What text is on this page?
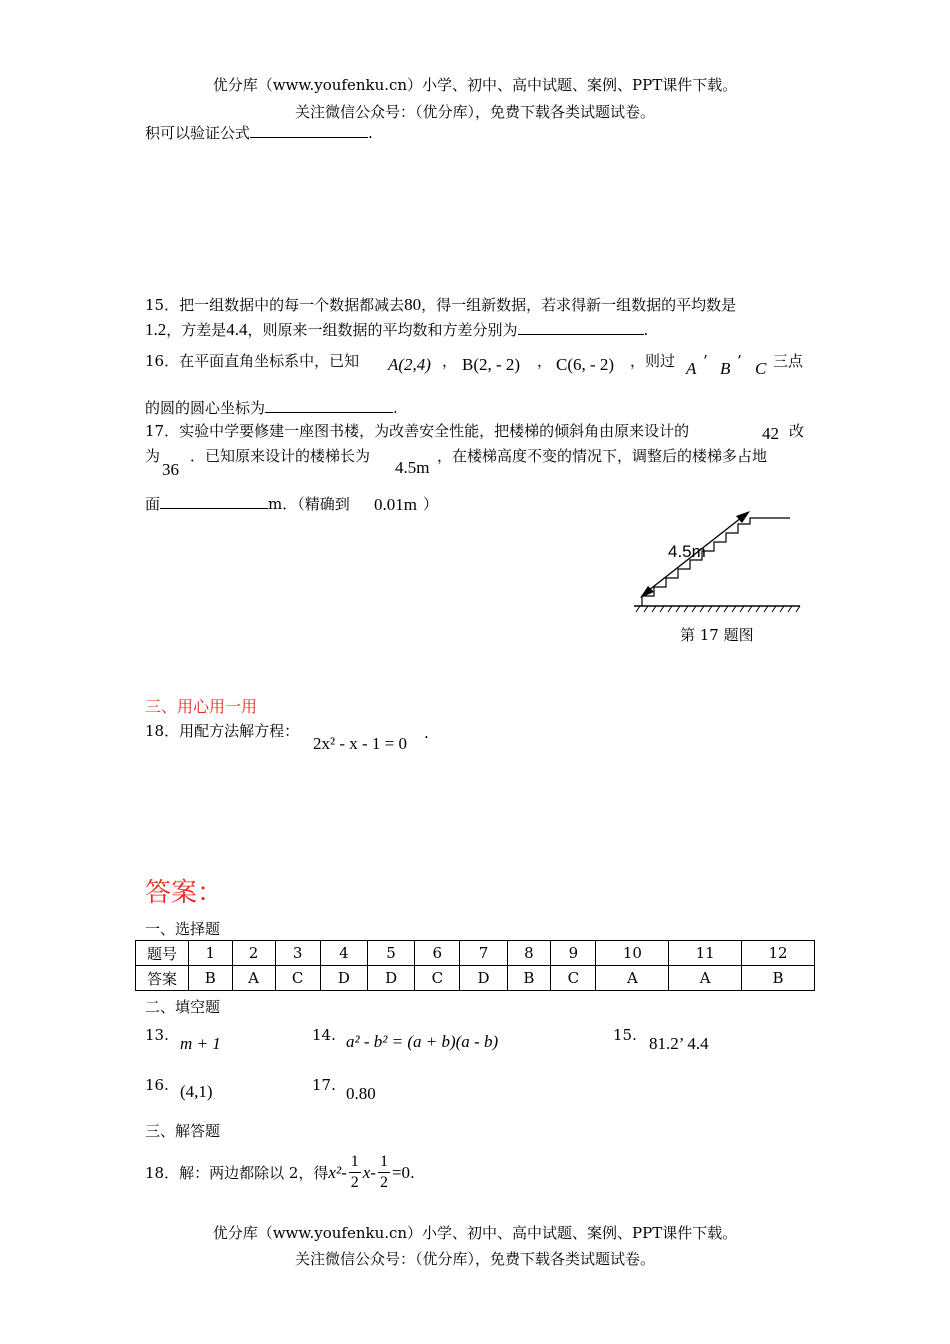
优分库（www.youfenku.cn）小学、初中、高中试题、案例、PPT课件下载。
关注微信公众号：（优分库），免费下载各类试题试卷。
积可以验证公式	.
15．把一组数据中的每一个数据都减去80，得一组新数据，若求得新一组数据的平均数是
1.2，方差是4.4，则原来一组数据的平均数和方差分别为	.
16．在平面直角坐标系中，已知 A(2,4) ， B(2, - 2) ， C(6, - 2) ，则过 A ’ B ’ C 三点
的圆的圆心坐标为	.
17．实验中学要修建一座图书楼，为改善安全性能，把楼梯的倾斜角由原来设计的	42 改
为
36
．已知原来设计的楼梯长为
4.5m
，在楼梯高度不变的情况下，调整后的楼梯多占地
面	m．（精确到 0.01m ）
4.5m
第 17 题图
三、用心用一用
18．用配方法解方程：
2x² - x - 1 = 0
.
答案：
一、选择题
题号	1	2	3	4	5	6	7	8	9	10	11	12
答案	B	A	C	D	D	C	D	B	C	A	A	B
二、填空题
13. m + 1	14. a² - b² = (a + b)(a - b)	15. 81.2’ 4.4
16. (4,1)	17. 0.80
三、解答题
18．解：两边都除以 2，得 $x^2 - \frac{1}{2}$ $x - \frac{1}{2} =0$ .
优分库（www.youfenku.cn）小学、初中、高中试题、案例、PPT课件下载。
关注微信公众号：（优分库），免费下载各类试题试卷。
